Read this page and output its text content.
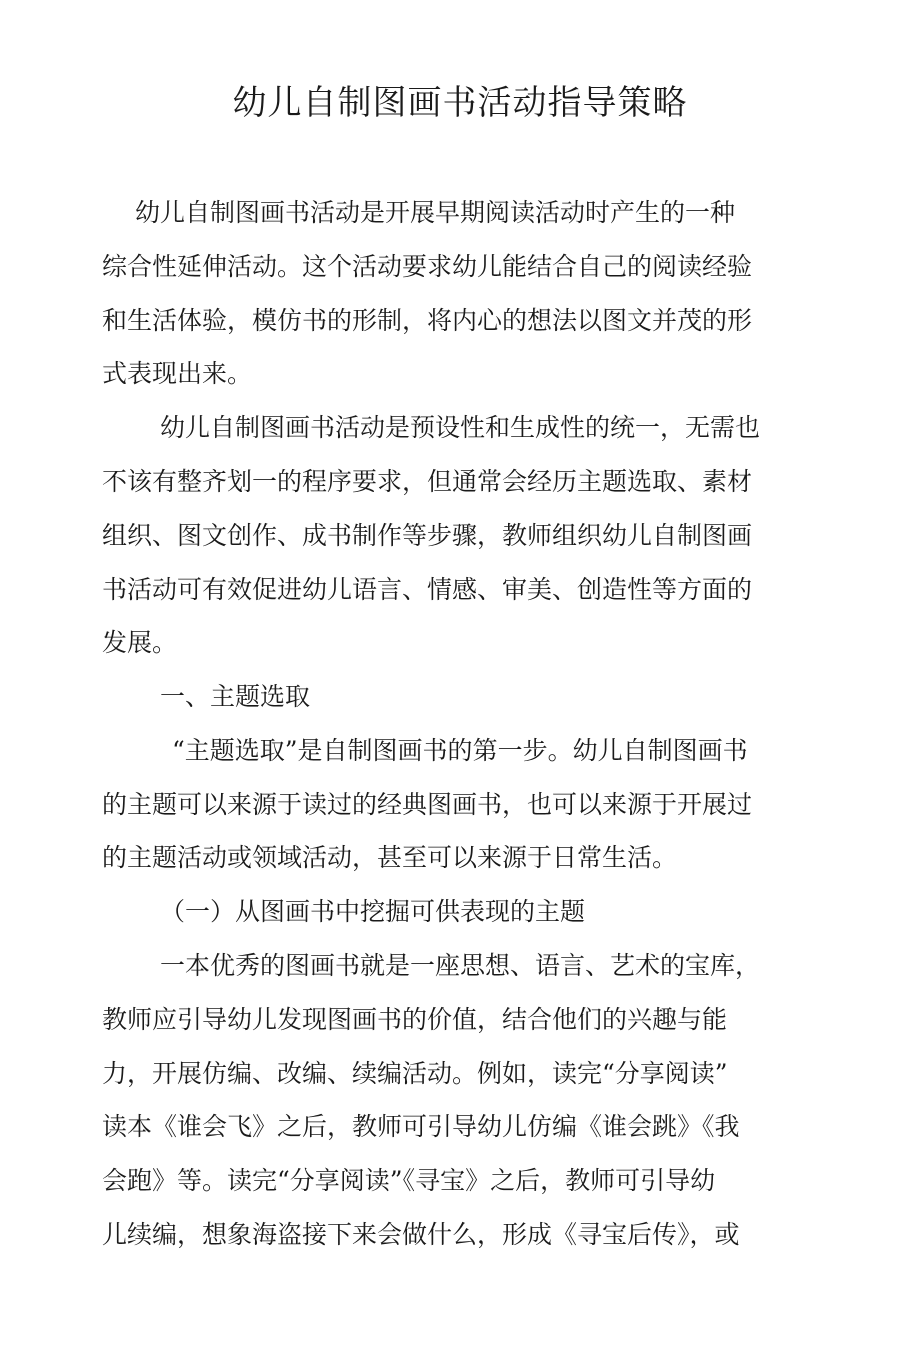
幼儿自制图画书活动指导策略

幼儿自制图画书活动是开展早期阅读活动时产生的一种

综合性延伸活动。这个活动要求幼儿能结合自己的阅读经验

和生活体验，模仿书的形制，将内心的想法以图文并茂的形

式表现出来。

幼儿自制图画书活动是预设性和生成性的统一，无需也

不该有整齐划一的程序要求，但通常会经历主题选取、素材

组织、图文创作、成书制作等步骤，教师组织幼儿自制图画

书活动可有效促进幼儿语言、情感、审美、创造性等方面的

发展。

一、主题选取

“主题选取”是自制图画书的第一步。幼儿自制图画书

的主题可以来源于读过的经典图画书，也可以来源于开展过

的主题活动或领域活动，甚至可以来源于日常生活。

（一）从图画书中挖掘可供表现的主题

一本优秀的图画书就是一座思想、语言、艺术的宝库，

教师应引导幼儿发现图画书的价值，结合他们的兴趣与能

力，开展仿编、改编、续编活动。例如，读完“分享阅读”

读本《谁会飞》之后，教师可引导幼儿仿编《谁会跳》《我

会跑》等。读完“分享阅读”《寻宝》之后，教师可引导幼

儿续编，想象海盗接下来会做什么，形成《寻宝后传》，或
